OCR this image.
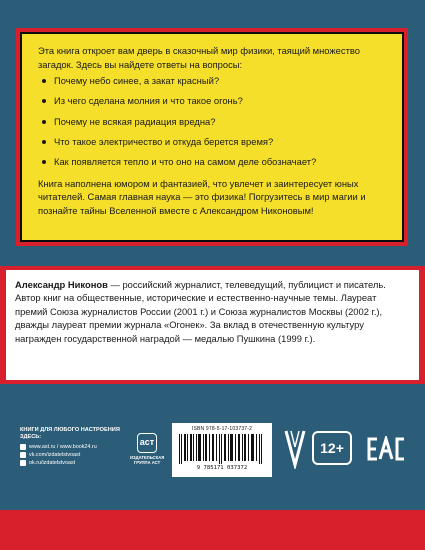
Эта книга откроет вам дверь в сказочный мир физики, таящий множество загадок. Здесь вы найдете ответы на вопросы:

Почему небо синее, а закат красный?
Из чего сделана молния и что такое огонь?
Почему не всякая радиация вредна?
Что такое электричество и откуда берется время?
Как появляется тепло и что оно на самом деле обозначает?

Книга наполнена юмором и фантазией, что увлечет и заинтересует юных читателей. Самая главная наука — это физика! Погрузитесь в мир магии и познайте тайны Вселенной вместе с Александром Никоновым!

Александр Никонов — российский журналист, телеведущий, публицист и писатель. Автор книг на общественные, исторические и естественно-научные темы. Лауреат премий Союза журналистов России (2001 г.) и Союза журналистов Москвы (2002 г.), дважды лауреат премии журнала «Огонек». За вклад в отечественную культуру награжден государственной наградой — медалью Пушкина (1999 г.).

КНИГИ ДЛЯ ЛЮБОГО НАСТРОЕНИЯ ЗДЕСЬ:
www.ast.ru / www.book24.ru
vk.com/izdatelstvoast
ok.ru/izdatelstvoast
аст
ИЗДАТЕЛЬСКАЯ ГРУППА АСТ
ISBN 978-5-17-103737-2
9 785171 037372
12+
